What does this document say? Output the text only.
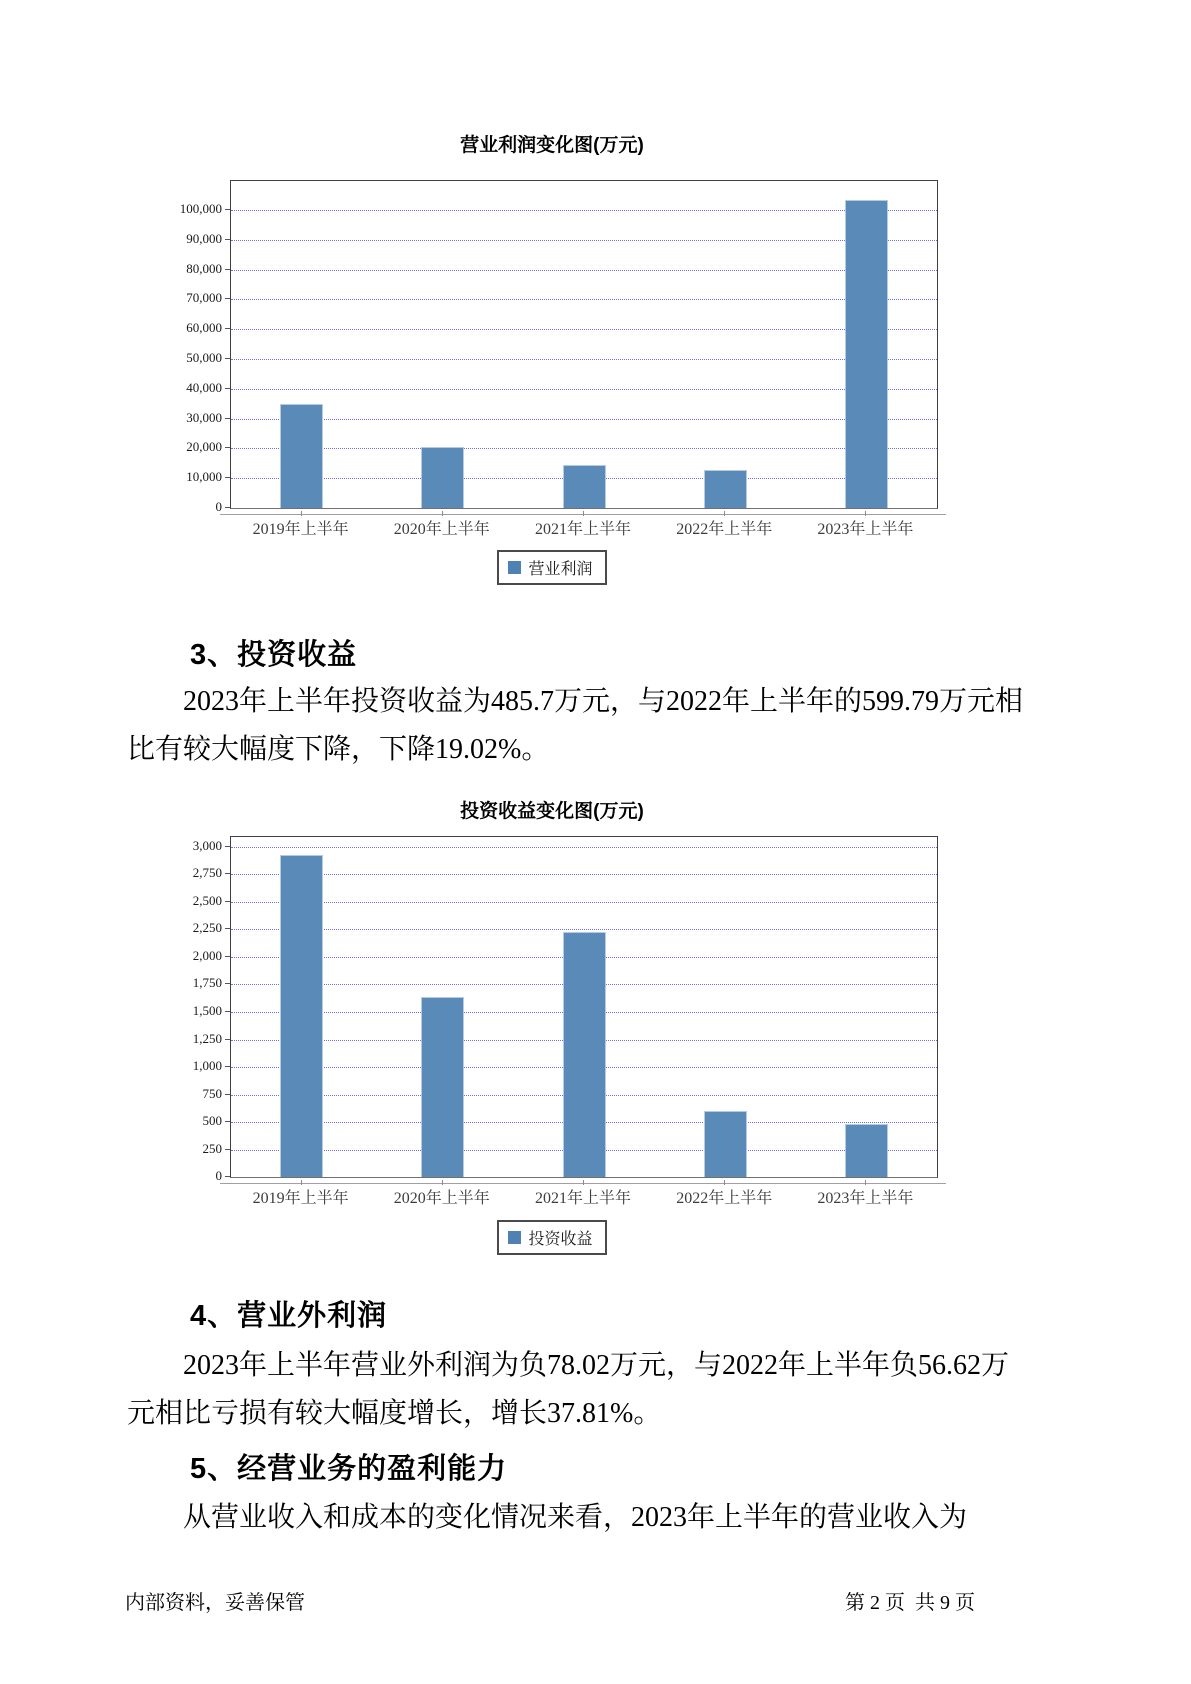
营业利润变化图(万元)
0
10,000
20,000
30,000
40,000
50,000
60,000
70,000
80,000
90,000
100,000
2019年上半年	2020年上半年	2021年上半年	2022年上半年	2023年上半年
营业利润
3、投资收益
2023年上半年投资收益为485.7万元，与2022年上半年的599.79万元相
比有较大幅度下降，下降19.02%。
投资收益变化图(万元)
0
250
500
750
1,000
1,250
1,500
1,750
2,000
2,250
2,500
2,750
3,000
2019年上半年	2020年上半年	2021年上半年	2022年上半年	2023年上半年
投资收益
4、营业外利润
2023年上半年营业外利润为负78.02万元，与2022年上半年负56.62万
元相比亏损有较大幅度增长，增长37.81%。
5、经营业务的盈利能力
从营业收入和成本的变化情况来看，2023年上半年的营业收入为
内部资料，妥善保管	第 2 页  共 9 页
